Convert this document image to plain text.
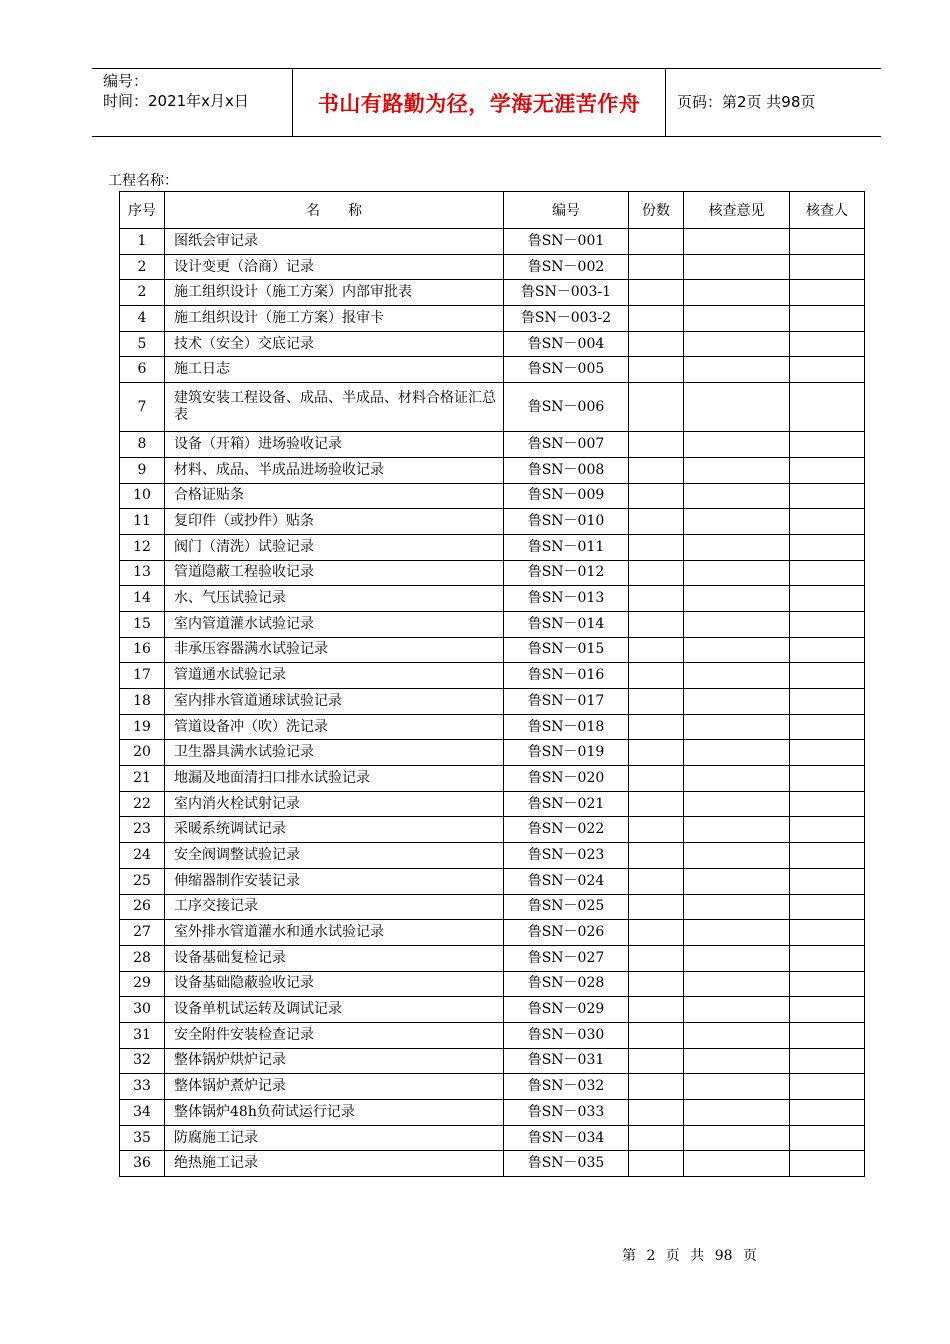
编号：
时间：2021年x月x日	书山有路勤为径，学海无涯苦作舟	页码：第2页 共98页
工程名称：
序号	名　　称	编号	份数	核查意见	核查人
1	图纸会审记录	鲁SN－001			
2	设计变更（洽商）记录	鲁SN－002			
2	施工组织设计（施工方案）内部审批表	鲁SN－003-1			
4	施工组织设计（施工方案）报审卡	鲁SN－003-2			
5	技术（安全）交底记录	鲁SN－004			
6	施工日志	鲁SN－005			
7	建筑安装工程设备、成品、半成品、材料合格证汇总表	鲁SN－006			
8	设备（开箱）进场验收记录	鲁SN－007			
9	材料、成品、半成品进场验收记录	鲁SN－008			
10	合格证贴条	鲁SN－009			
11	复印件（或抄件）贴条	鲁SN－010			
12	阀门（清洗）试验记录	鲁SN－011			
13	管道隐蔽工程验收记录	鲁SN－012			
14	水、气压试验记录	鲁SN－013			
15	室内管道灌水试验记录	鲁SN－014			
16	非承压容器满水试验记录	鲁SN－015			
17	管道通水试验记录	鲁SN－016			
18	室内排水管道通球试验记录	鲁SN－017			
19	管道设备冲（吹）洗记录	鲁SN－018			
20	卫生器具满水试验记录	鲁SN－019			
21	地漏及地面清扫口排水试验记录	鲁SN－020			
22	室内消火栓试射记录	鲁SN－021			
23	采暖系统调试记录	鲁SN－022			
24	安全阀调整试验记录	鲁SN－023			
25	伸缩器制作安装记录	鲁SN－024			
26	工序交接记录	鲁SN－025			
27	室外排水管道灌水和通水试验记录	鲁SN－026			
28	设备基础复检记录	鲁SN－027			
29	设备基础隐蔽验收记录	鲁SN－028			
30	设备单机试运转及调试记录	鲁SN－029			
31	安全附件安装检查记录	鲁SN－030			
32	整体锅炉烘炉记录	鲁SN－031			
33	整体锅炉煮炉记录	鲁SN－032			
34	整体锅炉48h负荷试运行记录	鲁SN－033			
35	防腐施工记录	鲁SN－034			
36	绝热施工记录	鲁SN－035			
第 2 页 共 98 页
